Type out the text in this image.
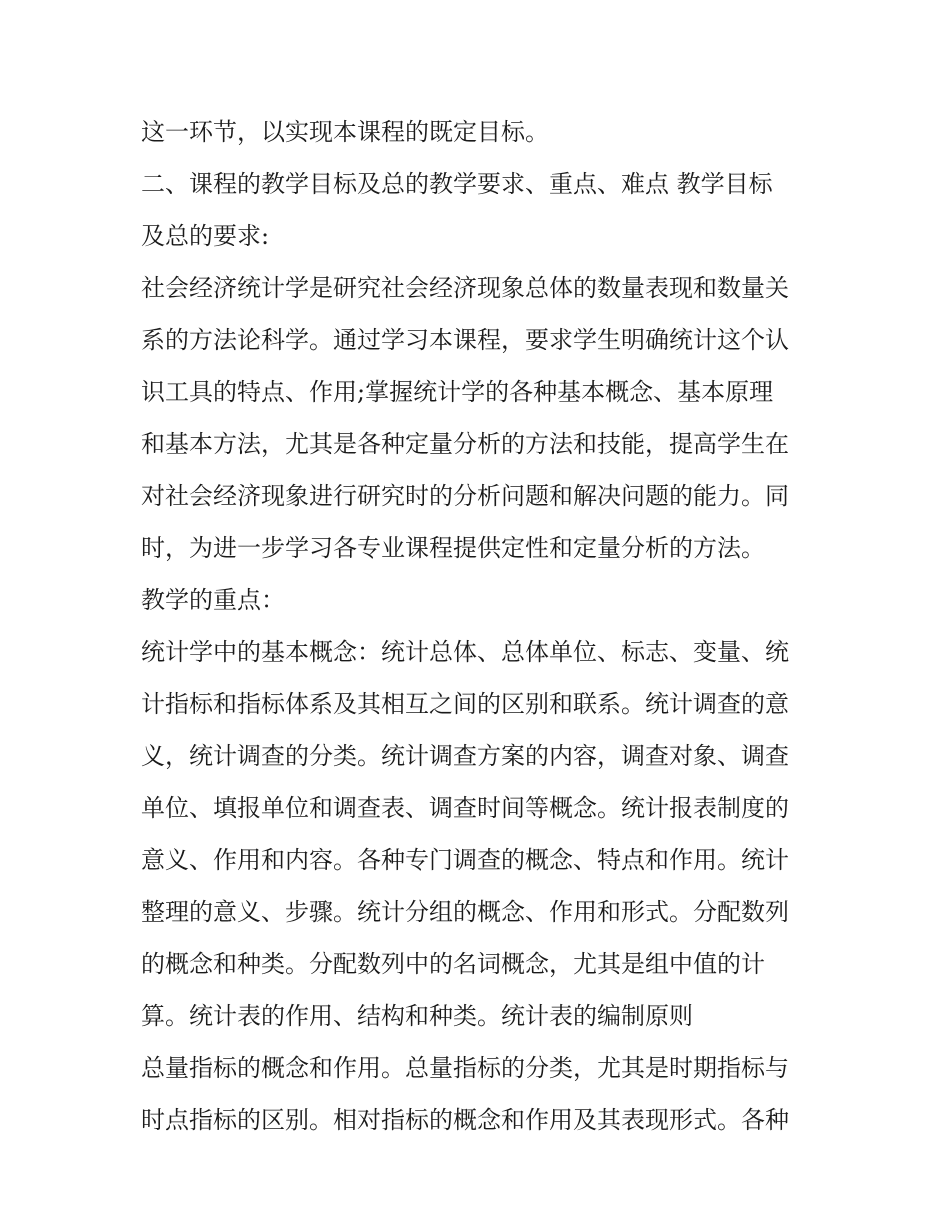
这一环节，以实现本课程的既定目标。
二、课程的教学目标及总的教学要求、重点、难点 教学目标
及总的要求:
社会经济统计学是研究社会经济现象总体的数量表现和数量关
系的方法论科学。通过学习本课程，要求学生明确统计这个认
识工具的特点、作用;掌握统计学的各种基本概念、基本原理
和基本方法，尤其是各种定量分析的方法和技能，提高学生在
对社会经济现象进行研究时的分析问题和解决问题的能力。同
时，为进一步学习各专业课程提供定性和定量分析的方法。
教学的重点：
统计学中的基本概念：统计总体、总体单位、标志、变量、统
计指标和指标体系及其相互之间的区别和联系。统计调查的意
义，统计调查的分类。统计调查方案的内容，调查对象、调查
单位、填报单位和调查表、调查时间等概念。统计报表制度的
意义、作用和内容。各种专门调查的概念、特点和作用。统计
整理的意义、步骤。统计分组的概念、作用和形式。分配数列
的概念和种类。分配数列中的名词概念，尤其是组中值的计
算。统计表的作用、结构和种类。统计表的编制原则
总量指标的概念和作用。总量指标的分类，尤其是时期指标与
时点指标的区别。相对指标的概念和作用及其表现形式。各种
